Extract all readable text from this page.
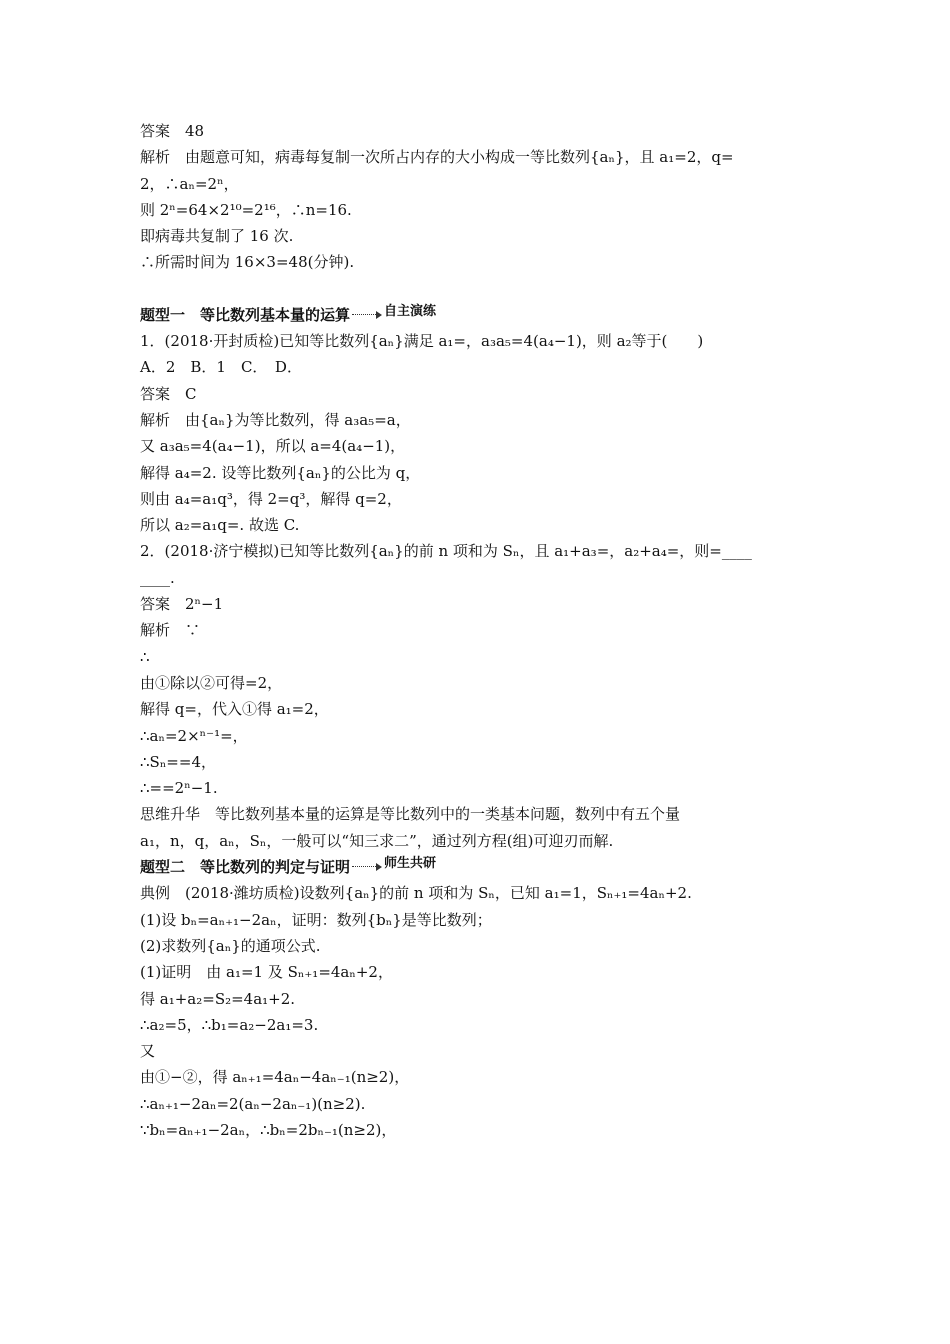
答案　48
解析　由题意可知，病毒每复制一次所占内存的大小构成一等比数列{aₙ}，且 a₁=2，q=
2，∴aₙ=2ⁿ，
则 2ⁿ=64×2¹⁰=2¹⁶，∴n=16.
即病毒共复制了 16 次.
∴所需时间为 16×3=48(分钟).
题型一　等比数列基本量的运算	自主演练
1．(2018·开封质检)已知等比数列{aₙ}满足 a₁=，a₃a₅=4(a₄−1)，则 a₂等于(　　)
A．2　B．1　C．　D．
答案　C
解析　由{aₙ}为等比数列，得 a₃a₅=a，
又 a₃a₅=4(a₄−1)，所以 a=4(a₄−1)，
解得 a₄=2. 设等比数列{aₙ}的公比为 q，
则由 a₄=a₁q³，得 2=q³，解得 q=2，
所以 a₂=a₁q=. 故选 C.
2．(2018·济宁模拟)已知等比数列{aₙ}的前 n 项和为 Sₙ，且 a₁+a₃=，a₂+a₄=，则=____
____.
答案　2ⁿ−1
解析　∵
∴
由①除以②可得=2，
解得 q=，代入①得 a₁=2，
∴aₙ=2×ⁿ⁻¹=，
∴Sₙ==4，
∴==2ⁿ−1.
思维升华　等比数列基本量的运算是等比数列中的一类基本问题，数列中有五个量
a₁，n，q，aₙ，Sₙ，一般可以“知三求二”，通过列方程(组)可迎刃而解.
题型二　等比数列的判定与证明	师生共研
典例　(2018·潍坊质检)设数列{aₙ}的前 n 项和为 Sₙ，已知 a₁=1，Sₙ₊₁=4aₙ+2.
(1)设 bₙ=aₙ₊₁−2aₙ，证明：数列{bₙ}是等比数列；
(2)求数列{aₙ}的通项公式.
(1)证明　由 a₁=1 及 Sₙ₊₁=4aₙ+2，
得 a₁+a₂=S₂=4a₁+2.
∴a₂=5，∴b₁=a₂−2a₁=3.
又
由①−②，得 aₙ₊₁=4aₙ−4aₙ₋₁(n≥2)，
∴aₙ₊₁−2aₙ=2(aₙ−2aₙ₋₁)(n≥2).
∵bₙ=aₙ₊₁−2aₙ，∴bₙ=2bₙ₋₁(n≥2)，
